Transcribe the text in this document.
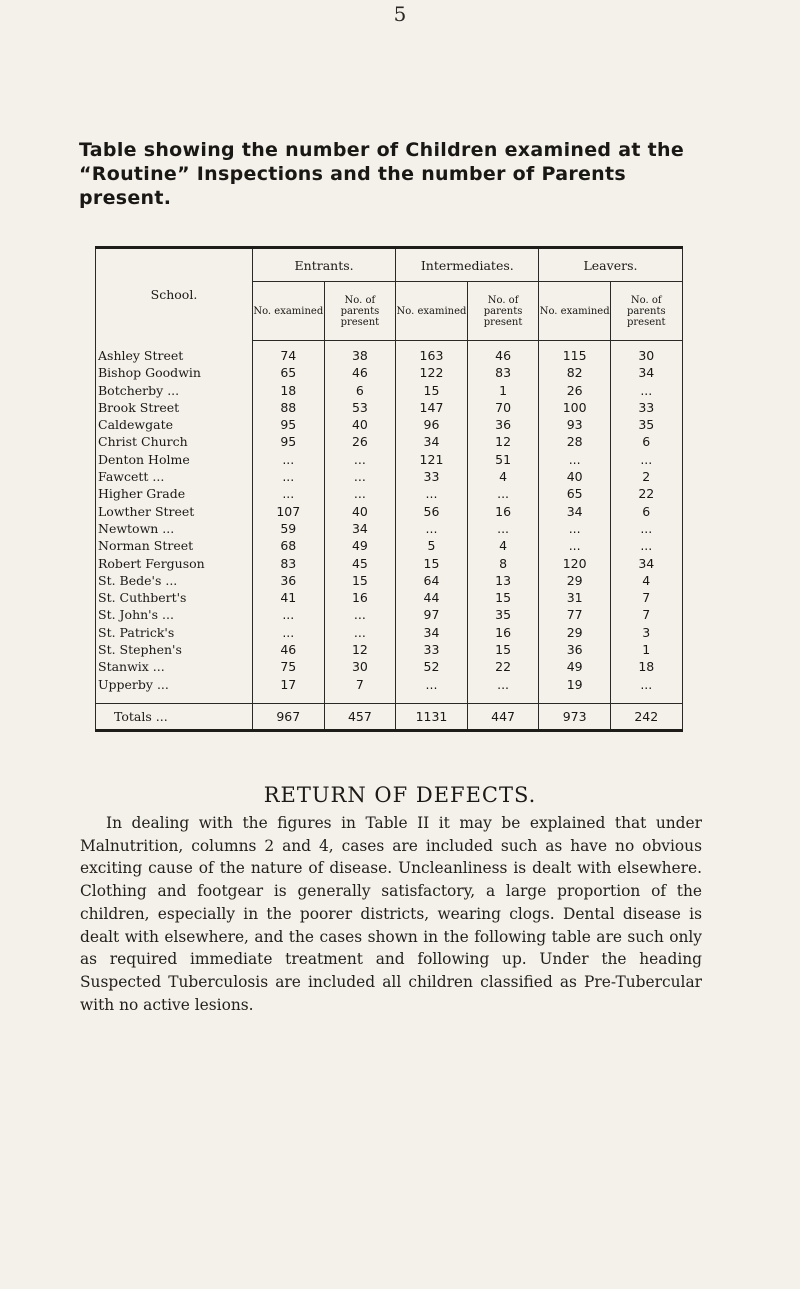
5
Table showing the number of Children examined at the “Routine” Inspections and the number of Parents present.
School.	Entrants.		Intermediates.		Leavers.	
	No. examined	No. of parents present	No. examined	No. of parents present	No. examined	No. of parents present
Ashley Street	74	38	163	46	115	30
Bishop Goodwin	65	46	122	83	82	34
Botcherby ...	18	6	15	1	26	...
Brook Street	88	53	147	70	100	33
Caldewgate	95	40	96	36	93	35
Christ Church	95	26	34	12	28	6
Denton Holme	...	...	121	51	...	...
Fawcett ...	...	...	33	4	40	2
Higher Grade	...	...	...	...	65	22
Lowther Street	107	40	56	16	34	6
Newtown ...	59	34	...	...	...	...
Norman Street	68	49	5	4	...	...
Robert Ferguson	83	45	15	8	120	34
St. Bede's ...	36	15	64	13	29	4
St. Cuthbert's	41	16	44	15	31	7
St. John's ...	...	...	97	35	77	7
St. Patrick's	...	...	34	16	29	3
St. Stephen's	46	12	33	15	36	1
Stanwix ...	75	30	52	22	49	18
Upperby ...	17	7	...	...	19	...

Totals ...	967	457	1131	447	973	242
RETURN OF DEFECTS.
In dealing with the figures in Table II it may be explained that under Malnutrition, columns 2 and 4, cases are included such as have no obvious exciting cause of the nature of disease. Uncleanliness is dealt with elsewhere. Clothing and footgear is generally satisfactory, a large proportion of the children, especially in the poorer districts, wearing clogs. Dental disease is dealt with elsewhere, and the cases shown in the following table are such only as required immediate treatment and following up. Under the heading Suspected Tuberculosis are included all children classified as Pre-Tubercular with no active lesions.
